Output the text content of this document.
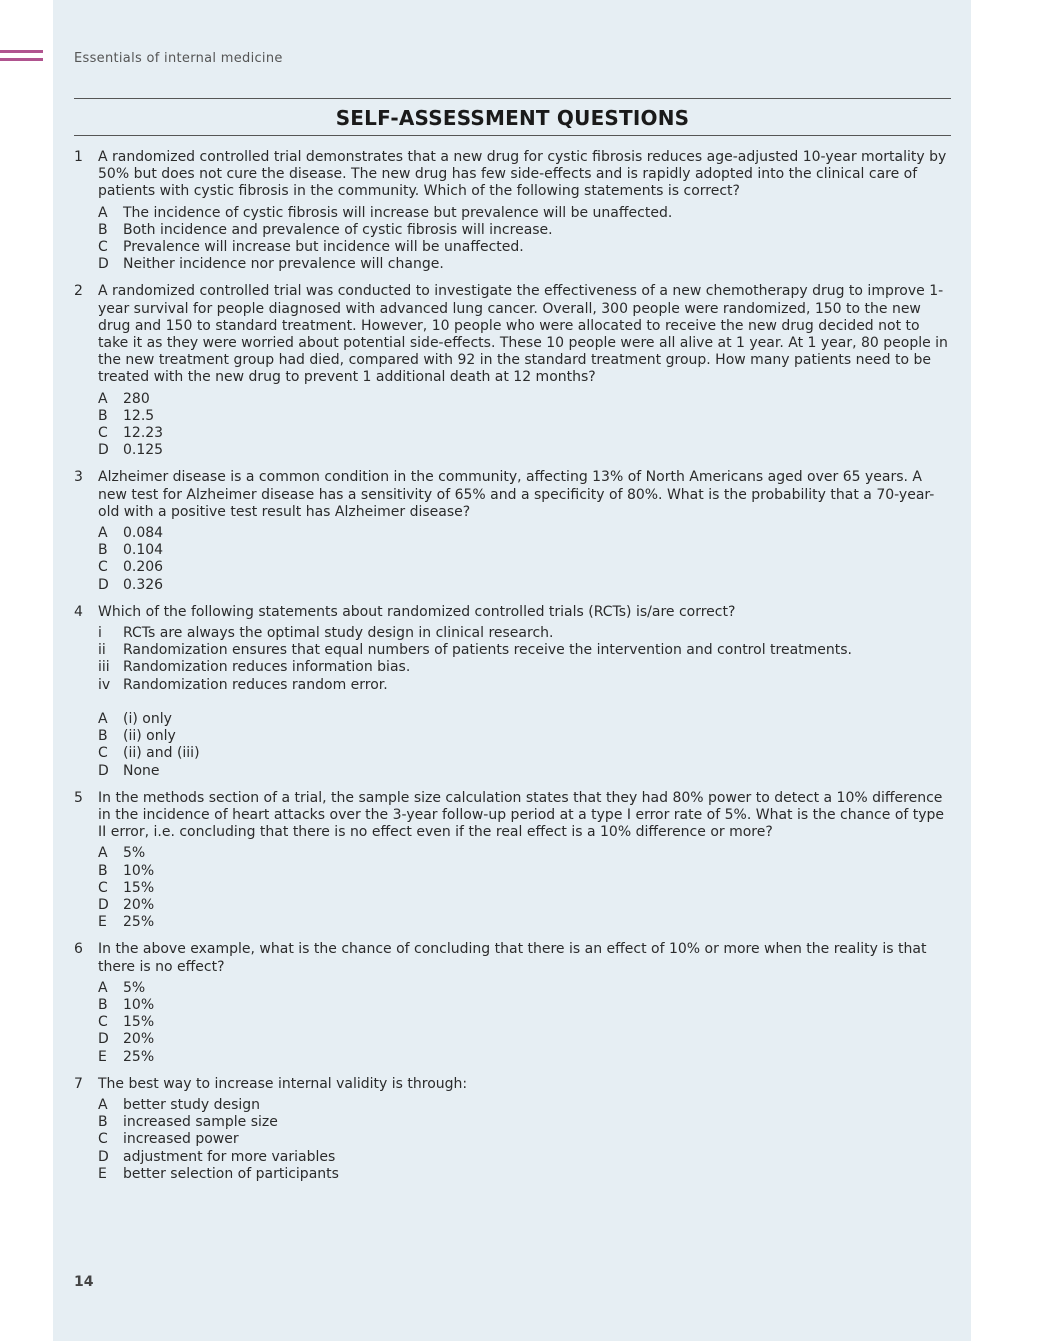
Essentials of internal medicine
SELF-ASSESSMENT QUESTIONS
1 A randomized controlled trial demonstrates that a new drug for cystic fibrosis reduces age-adjusted 10-year mortality by 50% but does not cure the disease. The new drug has few side-effects and is rapidly adopted into the clinical care of patients with cystic fibrosis in the community. Which of the following statements is correct?

A The incidence of cystic fibrosis will increase but prevalence will be unaffected.
B Both incidence and prevalence of cystic fibrosis will increase.
C Prevalence will increase but incidence will be unaffected.
D Neither incidence nor prevalence will change.
2 A randomized controlled trial was conducted to investigate the effectiveness of a new chemotherapy drug to improve 1-year survival for people diagnosed with advanced lung cancer. Overall, 300 people were randomized, 150 to the new drug and 150 to standard treatment. However, 10 people who were allocated to receive the new drug decided not to take it as they were worried about potential side-effects. These 10 people were all alive at 1 year. At 1 year, 80 people in the new treatment group had died, compared with 92 in the standard treatment group. How many patients need to be treated with the new drug to prevent 1 additional death at 12 months?

A 280
B 12.5
C 12.23
D 0.125
3 Alzheimer disease is a common condition in the community, affecting 13% of North Americans aged over 65 years. A new test for Alzheimer disease has a sensitivity of 65% and a specificity of 80%. What is the probability that a 70-year-old with a positive test result has Alzheimer disease?

A 0.084
B 0.104
C 0.206
D 0.326
4 Which of the following statements about randomized controlled trials (RCTs) is/are correct?

i RCTs are always the optimal study design in clinical research.
ii Randomization ensures that equal numbers of patients receive the intervention and control treatments.
iii Randomization reduces information bias.
iv Randomization reduces random error.
A (i) only
B (ii) only
C (ii) and (iii)
D None
5 In the methods section of a trial, the sample size calculation states that they had 80% power to detect a 10% difference in the incidence of heart attacks over the 3-year follow-up period at a type I error rate of 5%. What is the chance of type II error, i.e. concluding that there is no effect even if the real effect is a 10% difference or more?

A 5%
B 10%
C 15%
D 20%
E 25%
6 In the above example, what is the chance of concluding that there is an effect of 10% or more when the reality is that there is no effect?

A 5%
B 10%
C 15%
D 20%
E 25%
7 The best way to increase internal validity is through:

A better study design
B increased sample size
C increased power
D adjustment for more variables
E better selection of participants
14
